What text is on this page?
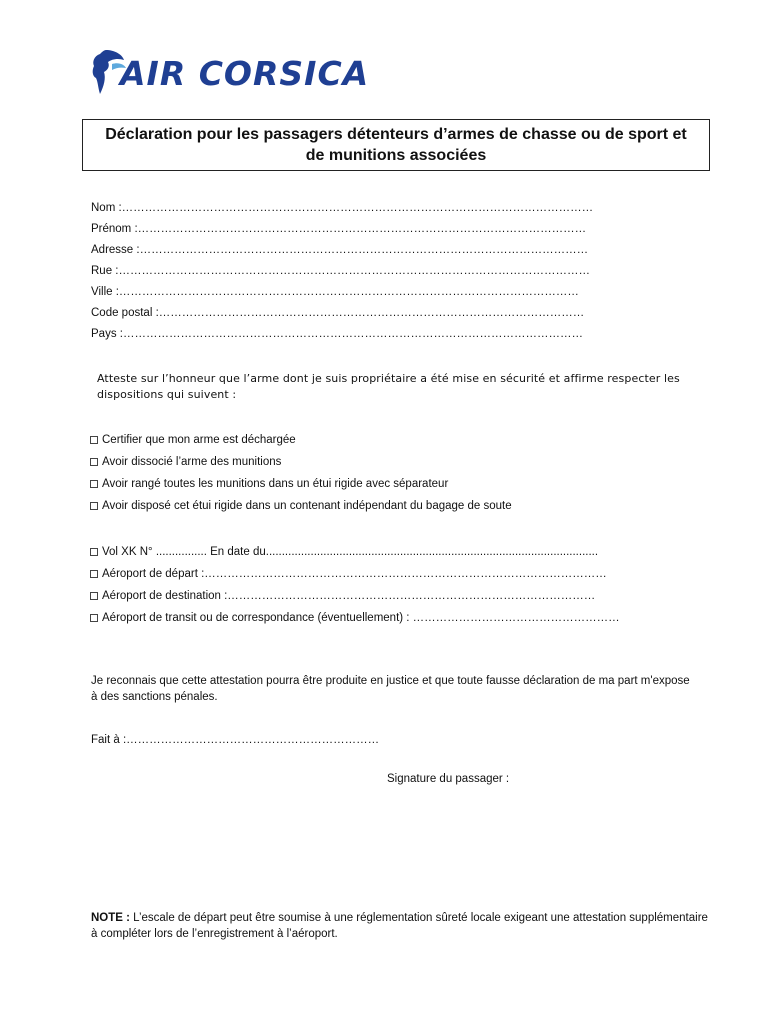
AIR CORSICA
Déclaration pour les passagers détenteurs d’armes de chasse ou de sport et de munitions associées
Nom :……………………………………………………………………………………………………………
Prénom :………………………………………………………………………………………………………
Adresse :………………………………………………………………………………………………………
Rue :……………………………………………………………………………………………………………
Ville :…………………………………………………………………………………………………………
Code postal :…………………………………………………………………………………………………
Pays :…………………………………………………………………………………………………………

Atteste sur l’honneur que l’arme dont je suis propriétaire a été mise en sécurité et affirme respecter les dispositions qui suivent :

Certifier que mon arme est déchargée
Avoir dissocié l’arme des munitions
Avoir rangé toutes les munitions dans un étui rigide avec séparateur
Avoir disposé cet étui rigide dans un contenant indépendant du bagage de soute
Vol XK N° ................ En date du........................................................................................................
Aéroport de départ :……………………………………………………………………………………………
Aéroport de destination :……………………………………………………………………………………
Aéroport de transit ou de correspondance (éventuellement) : ………………………………………………

Je reconnais que cette attestation pourra être produite en justice et que toute fausse déclaration de ma part m'expose à des sanctions pénales.

Fait à :…………………………………………………………

Signature du passager :

NOTE : L’escale de départ peut être soumise à une réglementation sûreté locale exigeant une attestation supplémentaire à compléter lors de l’enregistrement à l’aéroport.
